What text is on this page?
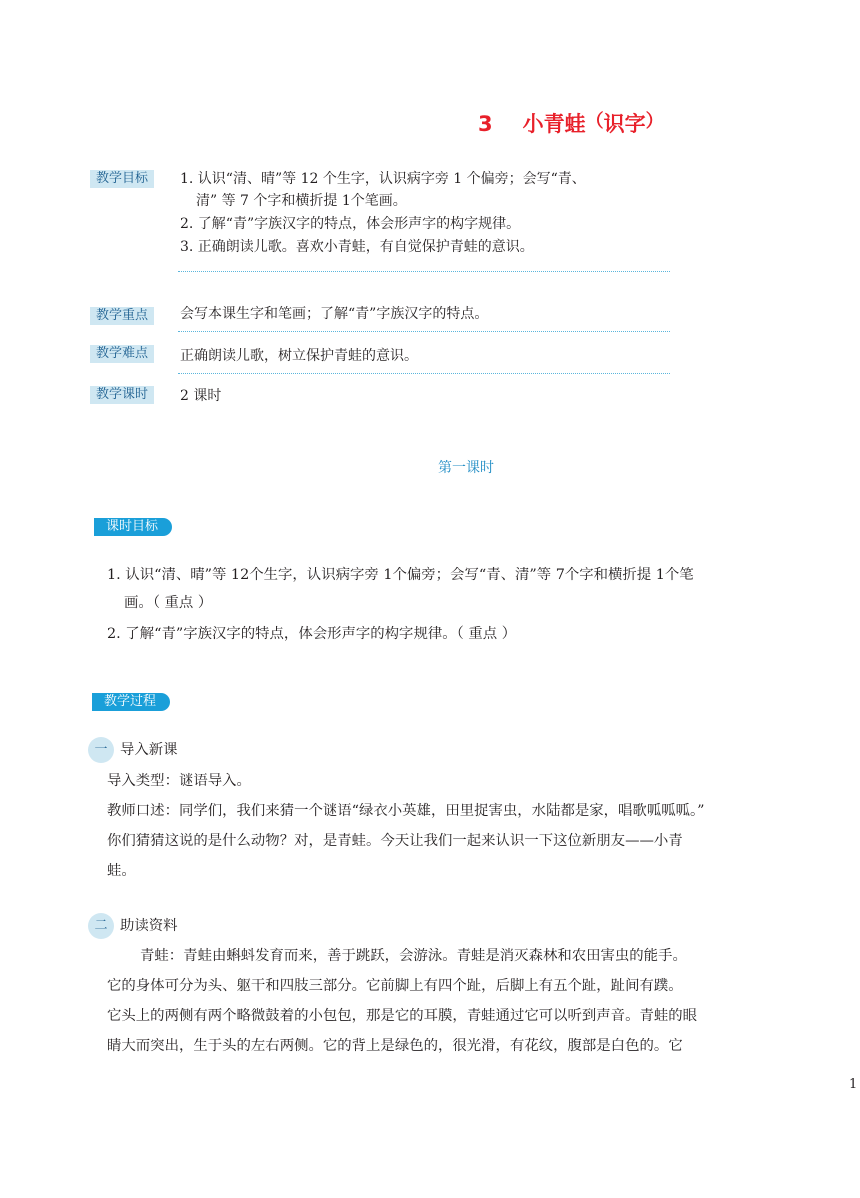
3 小青蛙（识字）
教学目标	1. 认识“清、晴”等 12 个生字，认识病字旁 1 个偏旁；会写“青、
清” 等 7 个字和横折提 1个笔画。
2. 了解“青”字族汉字的特点，体会形声字的构字规律。
3. 正确朗读儿歌。喜欢小青蛙，有自觉保护青蛙的意识。
教学重点	会写本课生字和笔画；了解“青”字族汉字的特点。
教学难点	正确朗读儿歌，树立保护青蛙的意识。
教学课时	2 课时
第一课时
课时目标
1. 认识“清、晴”等 12个生字，认识病字旁 1个偏旁；会写“青、清”等 7个字和横折提 1个笔
画。（ 重点 ）
2. 了解“青”字族汉字的特点，体会形声字的构字规律。（ 重点 ）
教学过程
一 导入新课
导入类型：谜语导入。
教师口述：同学们，我们来猜一个谜语“绿衣小英雄，田里捉害虫，水陆都是家，唱歌呱呱呱。”
你们猜猜这说的是什么动物？对，是青蛙。今天让我们一起来认识一下这位新朋友——小青
蛙。
二 助读资料
青蛙：青蛙由蝌蚪发育而来，善于跳跃，会游泳。青蛙是消灭森林和农田害虫的能手。
它的身体可分为头、躯干和四肢三部分。它前脚上有四个趾，后脚上有五个趾，趾间有蹼。
它头上的两侧有两个略微鼓着的小包包，那是它的耳膜，青蛙通过它可以听到声音。青蛙的眼
睛大而突出，生于头的左右两侧。它的背上是绿色的，很光滑，有花纹，腹部是白色的。它
1
